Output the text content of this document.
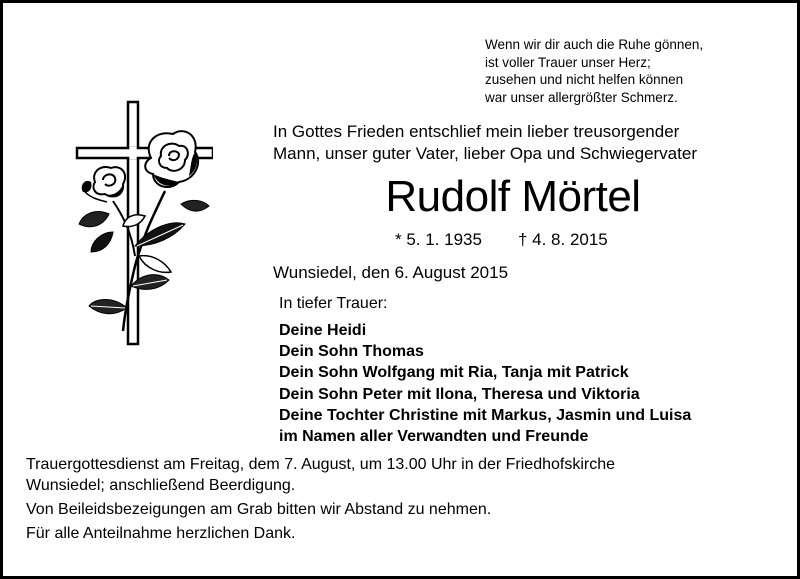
Wenn wir dir auch die Ruhe gönnen,
ist voller Trauer unser Herz;
zusehen und nicht helfen können
war unser allergrößter Schmerz.
In Gottes Frieden entschlief mein lieber treusorgender
Mann, unser guter Vater, lieber Opa und Schwiegervater
Rudolf Mörtel
* 5. 1. 1935 † 4. 8. 2015
Wunsiedel, den 6. August 2015
In tiefer Trauer:
Deine Heidi
Dein Sohn Thomas
Dein Sohn Wolfgang mit Ria, Tanja mit Patrick
Dein Sohn Peter mit Ilona, Theresa und Viktoria
Deine Tochter Christine mit Markus, Jasmin und Luisa
im Namen aller Verwandten und Freunde
Trauergottesdienst am Freitag, dem 7. August, um 13.00 Uhr in der Friedhofskirche
Wunsiedel; anschließend Beerdigung.
Von Beileidsbezeigungen am Grab bitten wir Abstand zu nehmen.
Für alle Anteilnahme herzlichen Dank.
